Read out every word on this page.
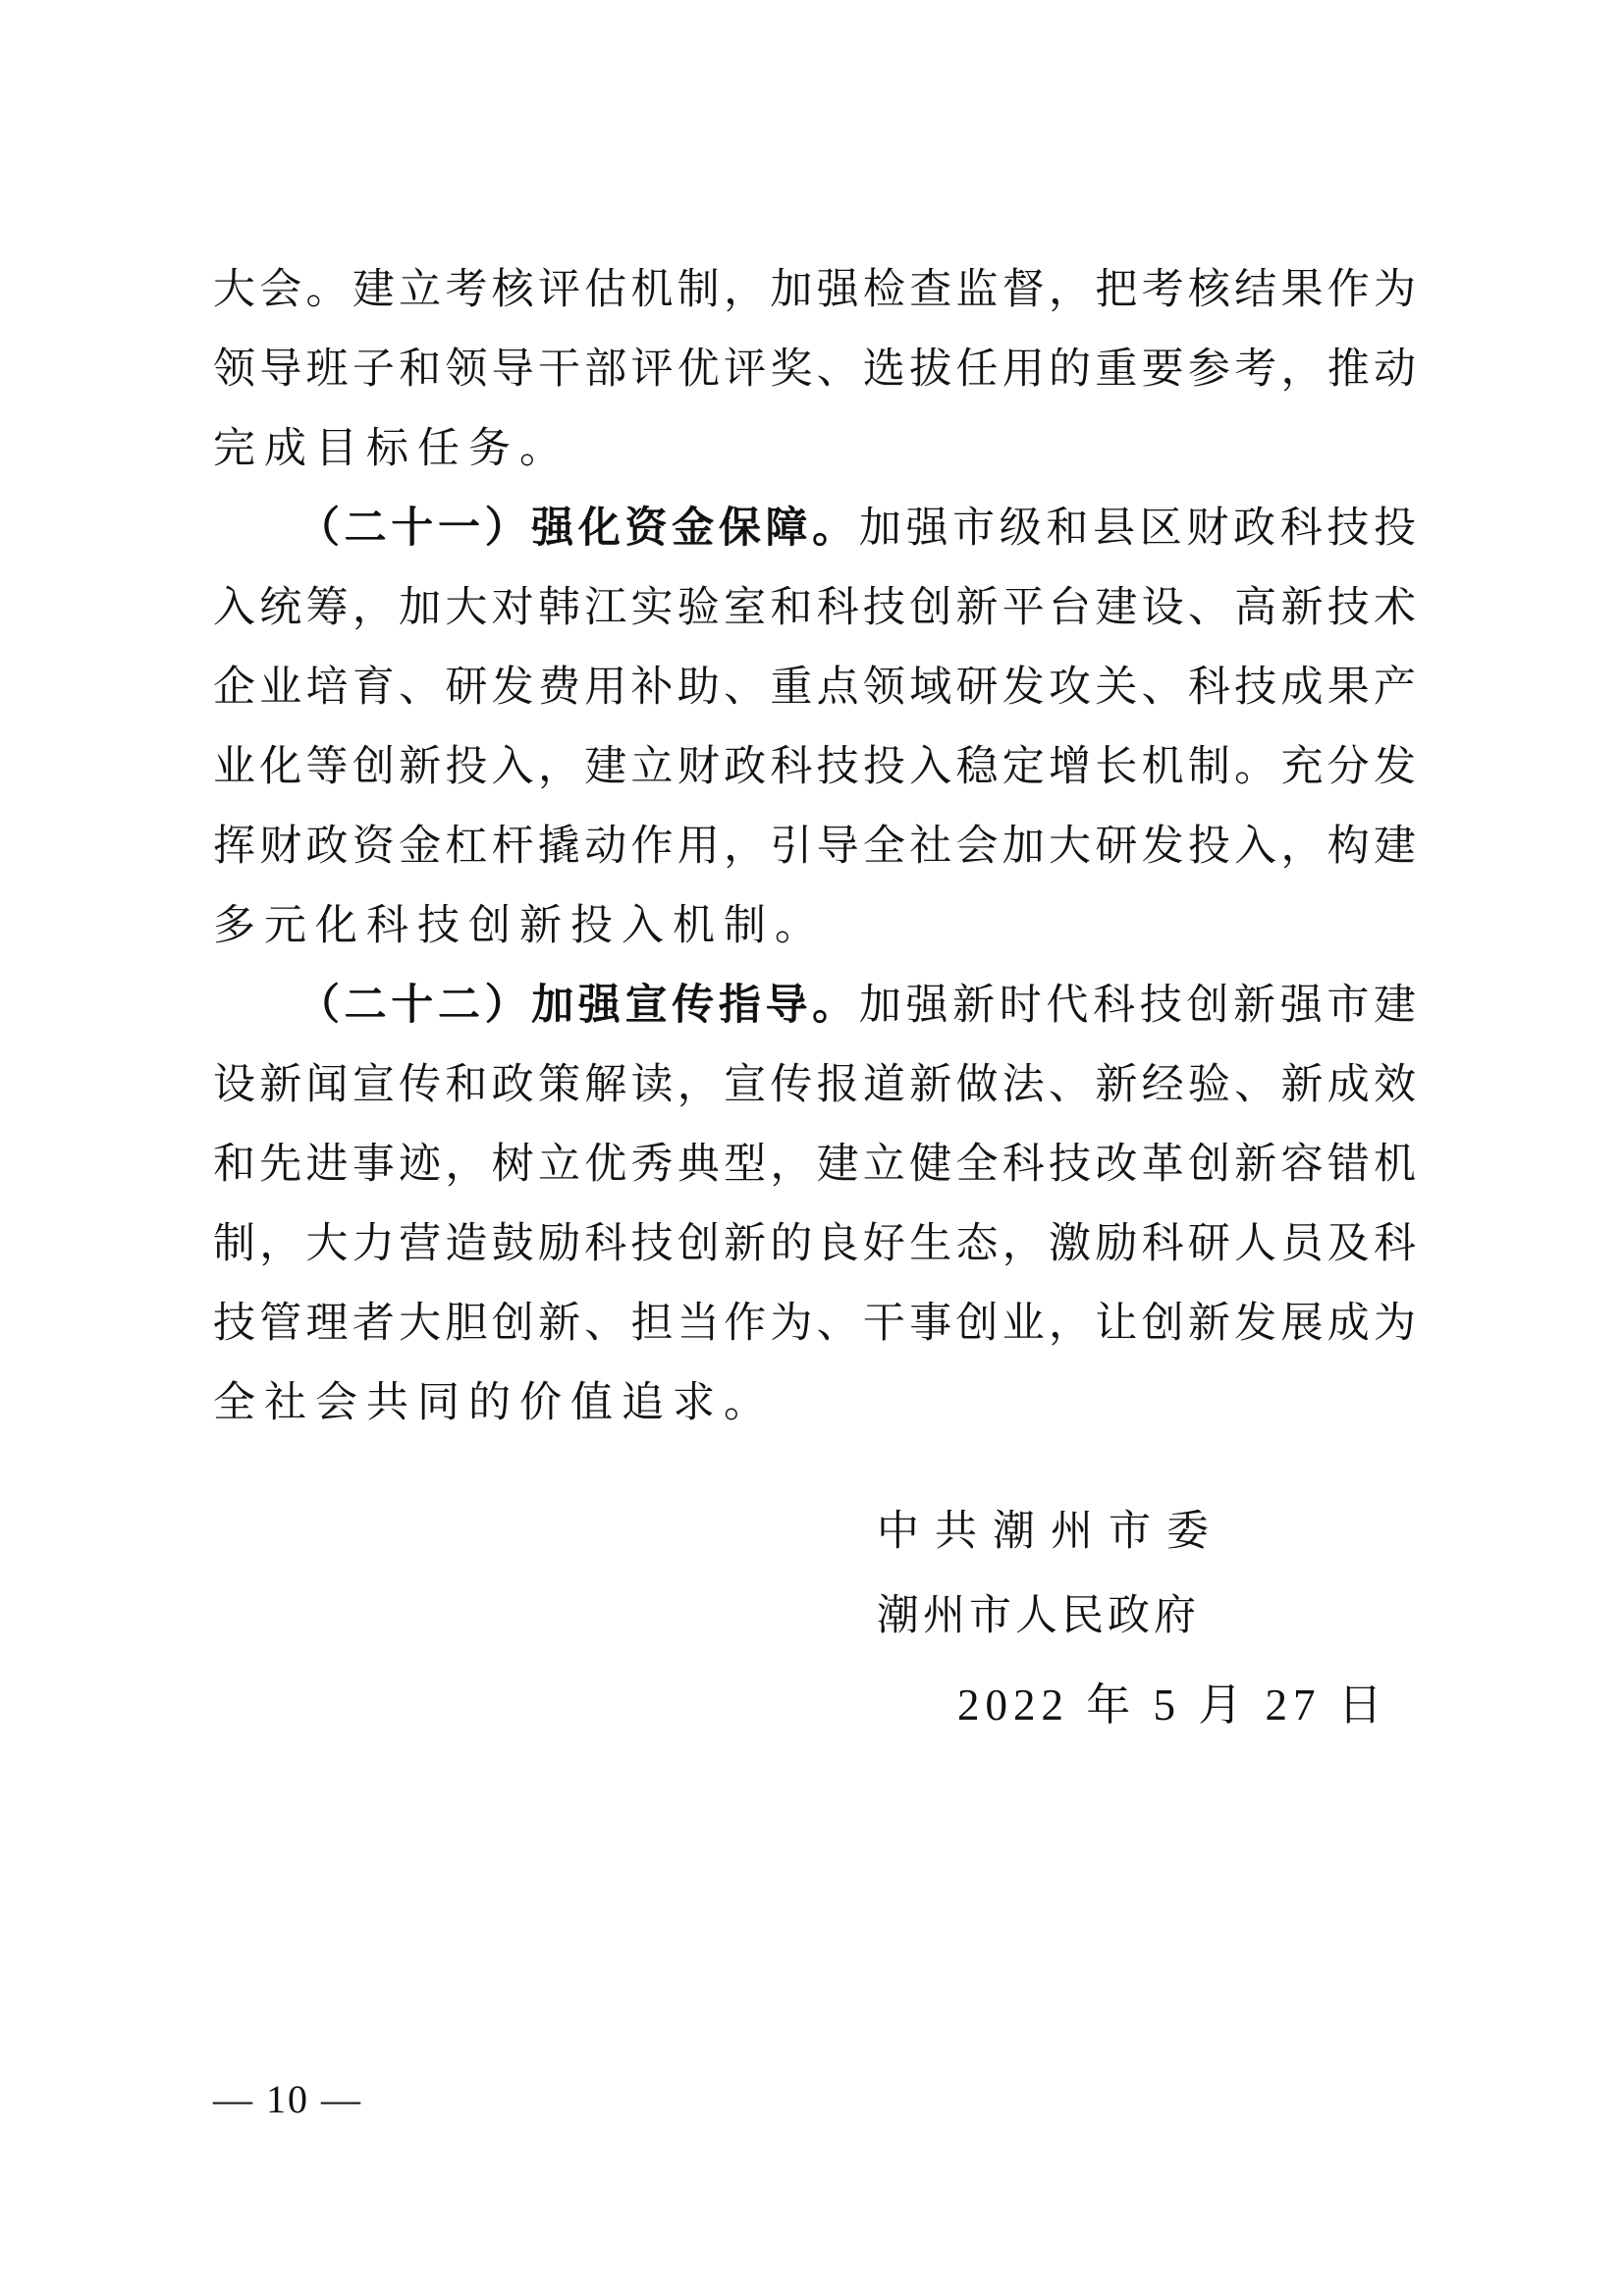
大会。建立考核评估机制，加强检查监督，把考核结果作为
领导班子和领导干部评优评奖、选拔任用的重要参考，推动
完成目标任务。
（二十一）强化资金保障。加强市级和县区财政科技投
入统筹，加大对韩江实验室和科技创新平台建设、高新技术
企业培育、研发费用补助、重点领域研发攻关、科技成果产
业化等创新投入，建立财政科技投入稳定增长机制。充分发
挥财政资金杠杆撬动作用，引导全社会加大研发投入，构建
多元化科技创新投入机制。
（二十二）加强宣传指导。加强新时代科技创新强市建
设新闻宣传和政策解读，宣传报道新做法、新经验、新成效
和先进事迹，树立优秀典型，建立健全科技改革创新容错机
制，大力营造鼓励科技创新的良好生态，激励科研人员及科
技管理者大胆创新、担当作为、干事创业，让创新发展成为
全社会共同的价值追求。
中共潮州市委
潮州市人民政府
2022 年 5 月 27 日
— 10 —
